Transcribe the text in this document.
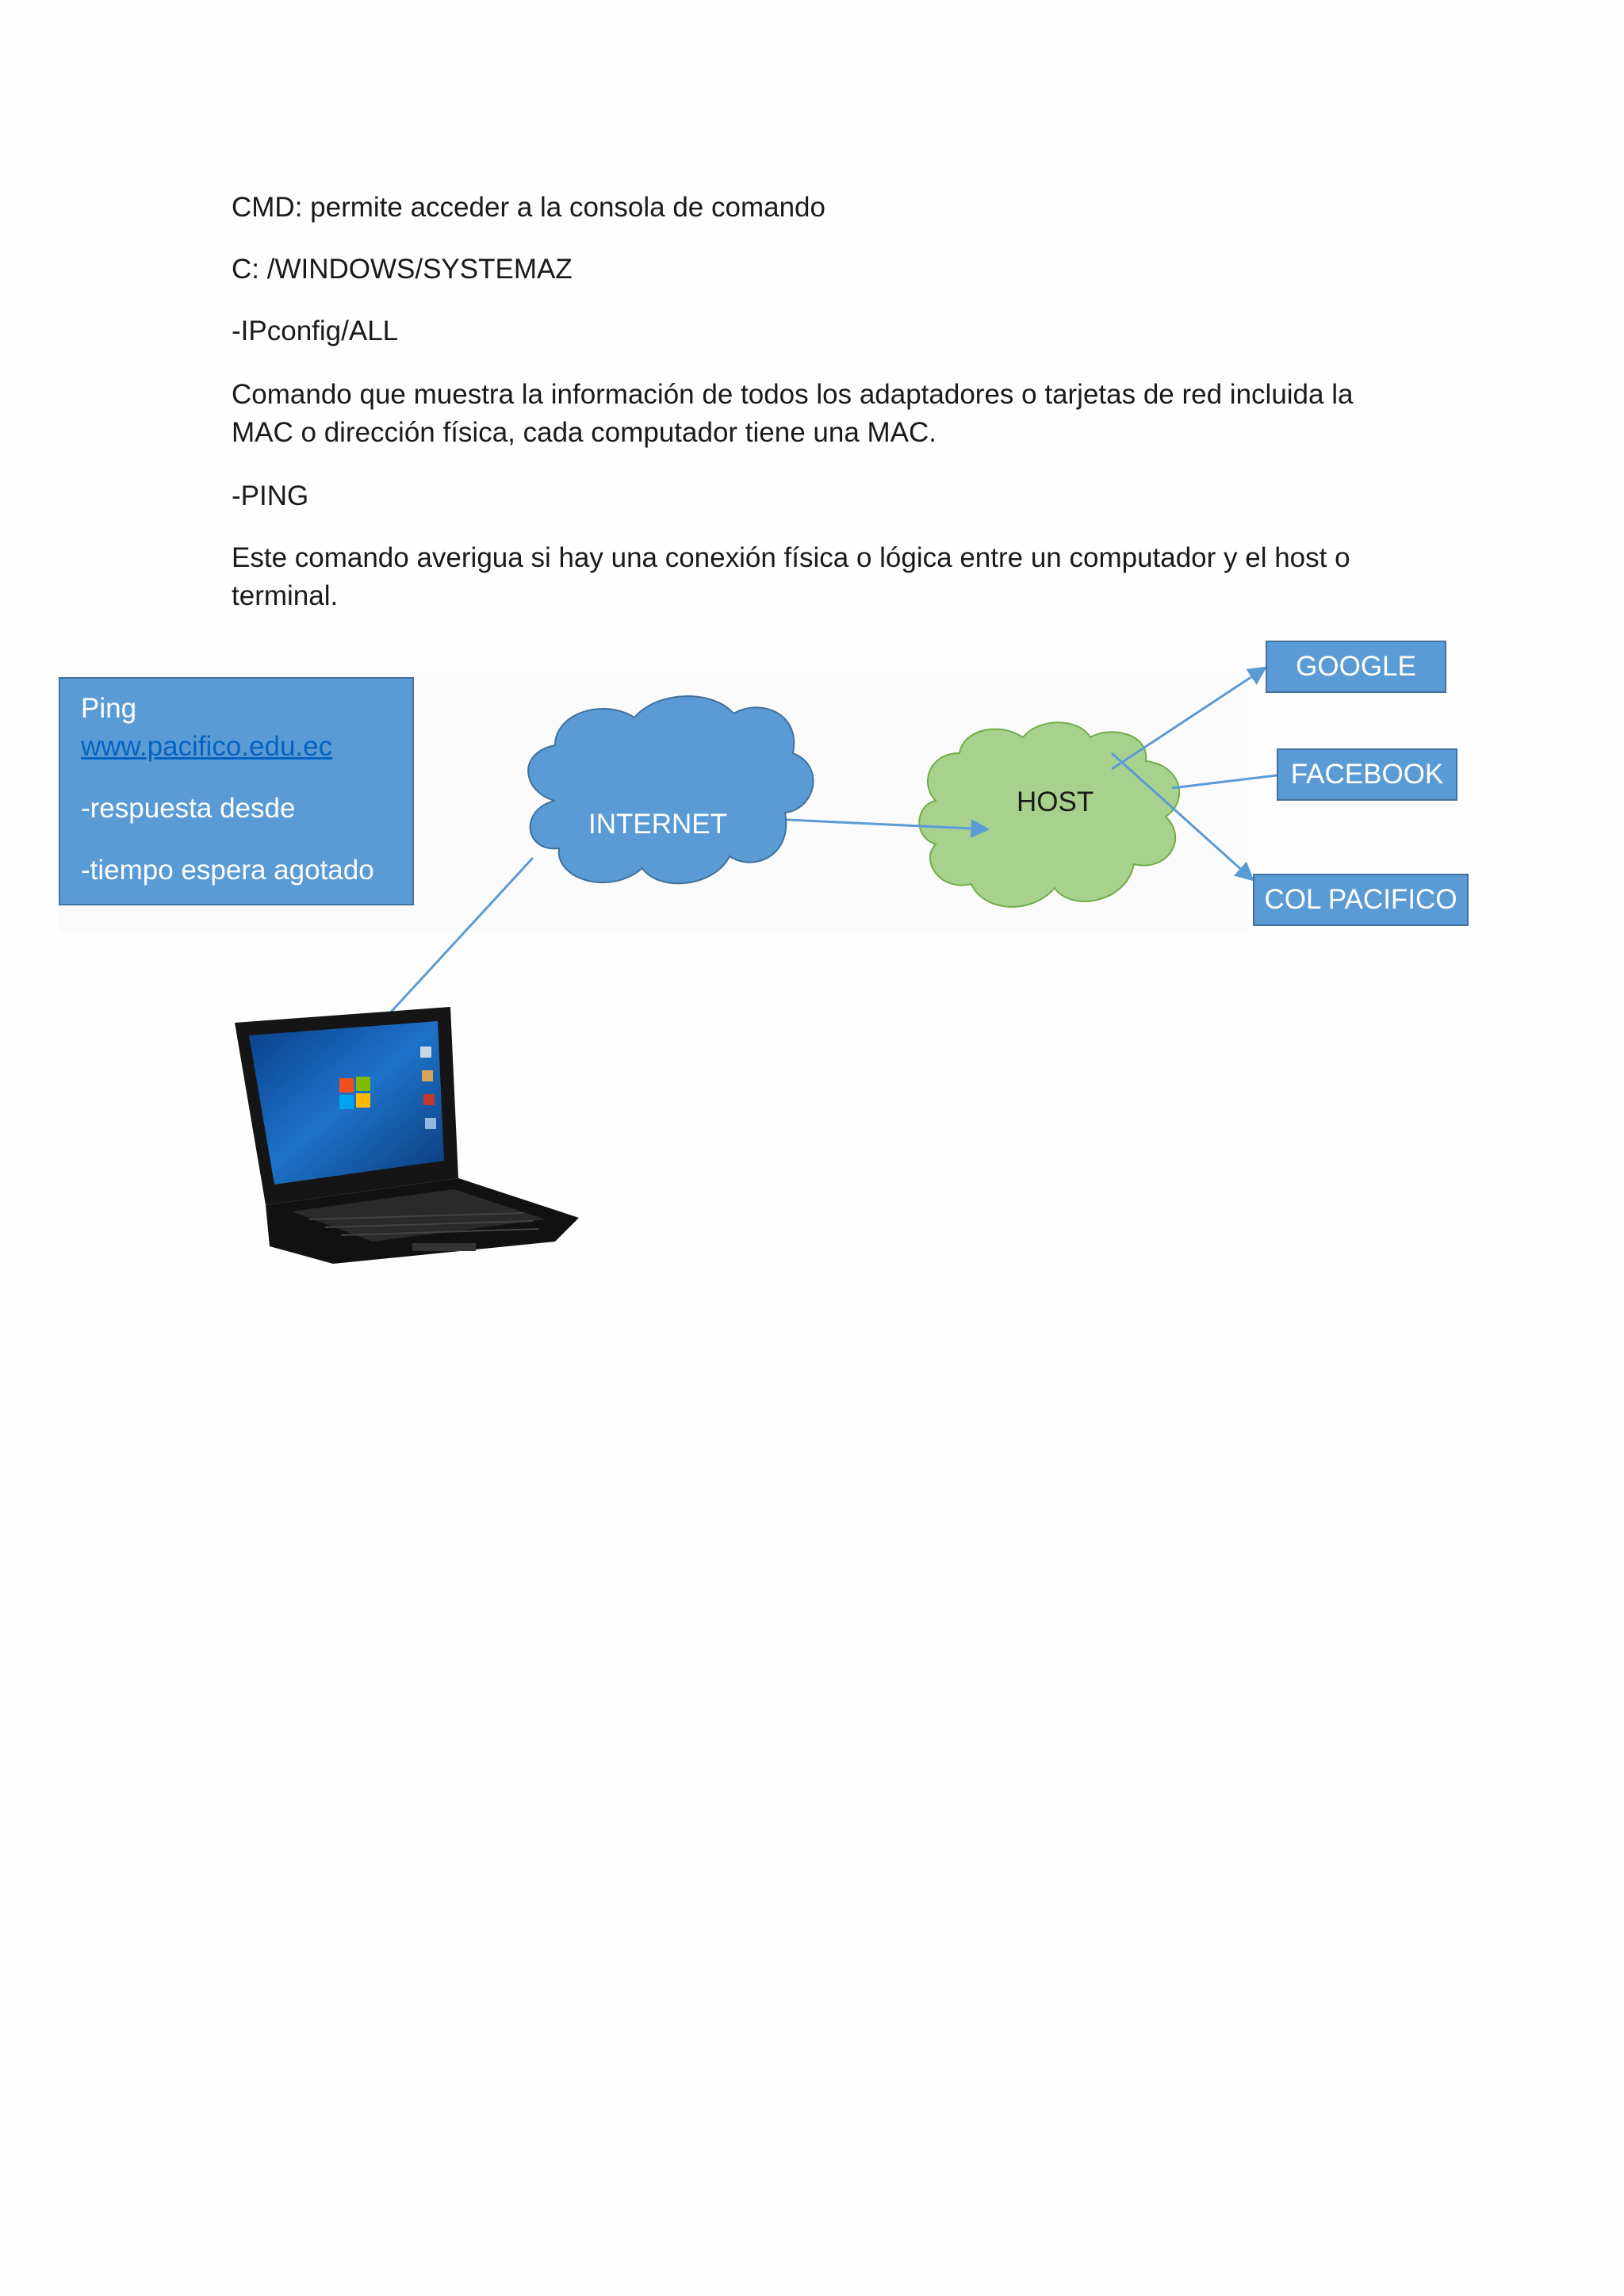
CMD: permite acceder a la consola de comando

C: /WINDOWS/SYSTEMAZ

-IPconfig/ALL

Comando que muestra la información de todos los adaptadores o tarjetas de red incluida la MAC o dirección física, cada computador tiene una MAC.

-PING

Este comando averigua si hay una conexión física o lógica entre un computador y el host o terminal.

Ping
www.pacifico.edu.ec
-respuesta desde
-tiempo espera agotado
INTERNET
HOST
GOOGLE
FACEBOOK
COL PACIFICO
